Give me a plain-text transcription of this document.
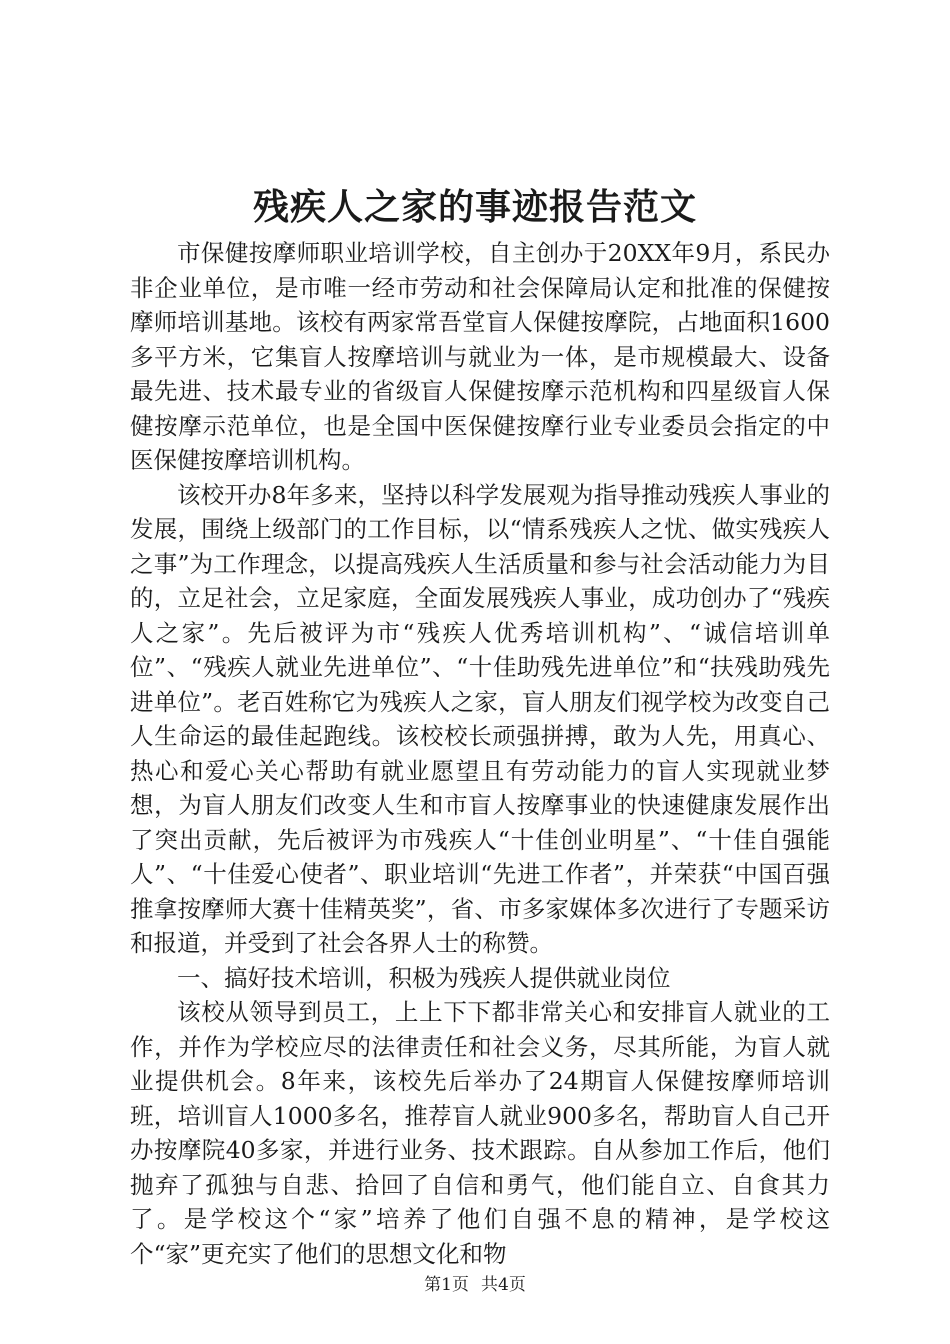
残疾人之家的事迹报告范文

市保健按摩师职业培训学校，自主创办于20XX年9月，系民办非企业单位，是市唯一经市劳动和社会保障局认定和批准的保健按摩师培训基地。该校有两家常吾堂盲人保健按摩院，占地面积1600多平方米，它集盲人按摩培训与就业为一体，是市规模最大、设备最先进、技术最专业的省级盲人保健按摩示范机构和四星级盲人保健按摩示范单位，也是全国中医保健按摩行业专业委员会指定的中医保健按摩培训机构。

该校开办8年多来，坚持以科学发展观为指导推动残疾人事业的发展，围绕上级部门的工作目标，以“情系残疾人之忧、做实残疾人之事”为工作理念，以提高残疾人生活质量和参与社会活动能力为目的，立足社会，立足家庭，全面发展残疾人事业，成功创办了“残疾人之家”。先后被评为市“残疾人优秀培训机构”、“诚信培训单位”、“残疾人就业先进单位”、“十佳助残先进单位”和“扶残助残先进单位”。老百姓称它为残疾人之家，盲人朋友们视学校为改变自己人生命运的最佳起跑线。该校校长顽强拼搏，敢为人先，用真心、热心和爱心关心帮助有就业愿望且有劳动能力的盲人实现就业梦想，为盲人朋友们改变人生和市盲人按摩事业的快速健康发展作出了突出贡献，先后被评为市残疾人“十佳创业明星”、“十佳自强能人”、“十佳爱心使者”、职业培训“先进工作者”，并荣获“中国百强推拿按摩师大赛十佳精英奖”，省、市多家媒体多次进行了专题采访和报道，并受到了社会各界人士的称赞。

一、搞好技术培训，积极为残疾人提供就业岗位

该校从领导到员工，上上下下都非常关心和安排盲人就业的工作，并作为学校应尽的法律责任和社会义务，尽其所能，为盲人就业提供机会。8年来，该校先后举办了24期盲人保健按摩师培训班，培训盲人1000多名，推荐盲人就业900多名，帮助盲人自己开办按摩院40多家，并进行业务、技术跟踪。自从参加工作后，他们抛弃了孤独与自悲、拾回了自信和勇气，他们能自立、自食其力了。是学校这个“家”培养了他们自强不息的精神，是学校这个“家”更充实了他们的思想文化和物

第1页 共4页
